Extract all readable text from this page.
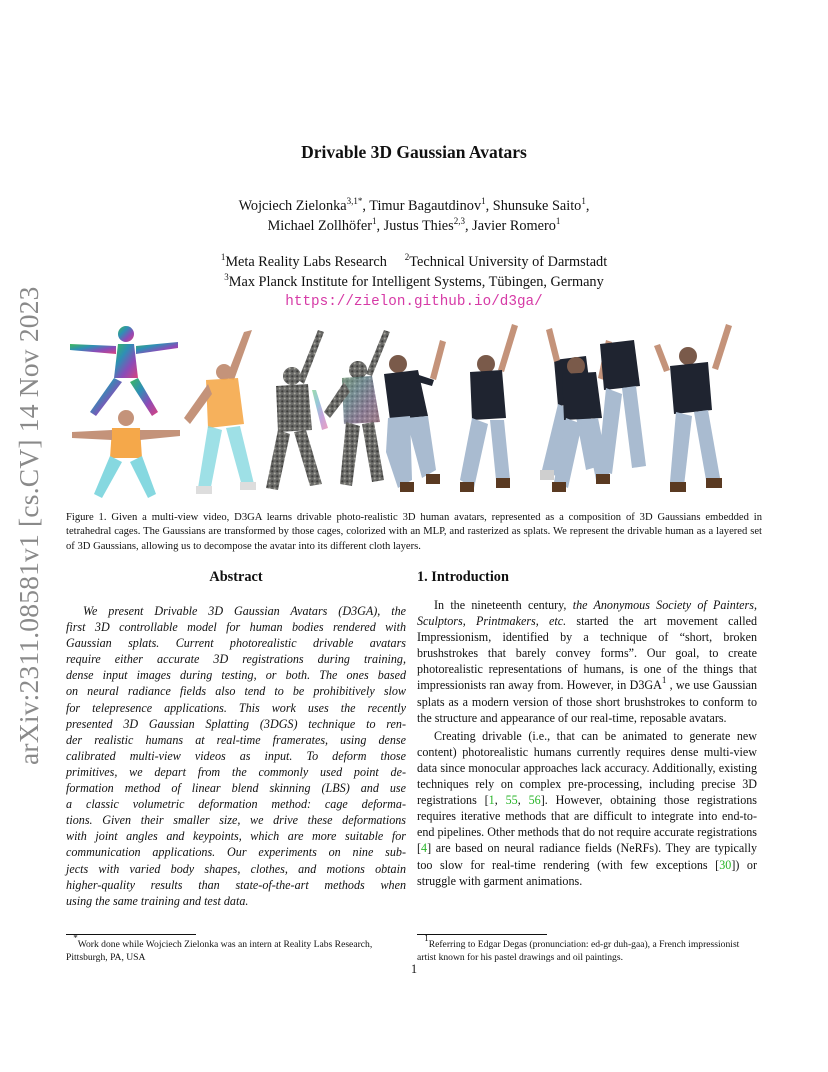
arXiv:2311.08581v1 [cs.CV] 14 Nov 2023
Drivable 3D Gaussian Avatars
Wojciech Zielonka$^{3,1*}$, Timur Bagautdinov$^1$, Shunsuke Saito$^1$,
Michael Zollhöfer$^1$, Justus Thies$^{2,3}$, Javier Romero$^1$
$^1$Meta Reality Labs Research $^2$Technical University of Darmstadt
$^3$Max Planck Institute for Intelligent Systems, Tübingen, Germany
https://zielon.github.io/d3ga/
Figure 1. Given a multi-view video, D3GA learns drivable photo-realistic 3D human avatars, represented as a composition of 3D Gaussians embedded in tetrahedral cages. The Gaussians are transformed by those cages, colorized with an MLP, and rasterized as splats. We represent the drivable human as a layered set of 3D Gaussians, allowing us to decompose the avatar into its different cloth layers.
Abstract
We present Drivable 3D Gaussian Avatars (D3GA), the
first 3D controllable model for human bodies rendered with
Gaussian splats. Current photorealistic drivable avatars
require either accurate 3D registrations during training,
dense input images during testing, or both. The ones based
on neural radiance fields also tend to be prohibitively slow
for telepresence applications. This work uses the recently
presented 3D Gaussian Splatting (3DGS) technique to ren-
der realistic humans at real-time framerates, using dense
calibrated multi-view videos as input. To deform those
primitives, we depart from the commonly used point de-
formation method of linear blend skinning (LBS) and use
a classic volumetric deformation method: cage deforma-
tions. Given their smaller size, we drive these deformations
with joint angles and keypoints, which are more suitable for
communication applications. Our experiments on nine sub-
jects with varied body shapes, clothes, and motions obtain
higher-quality results than state-of-the-art methods when
using the same training and test data.
1. Introduction

In the nineteenth century, the Anonymous Society of Painters, Sculptors, Printmakers, etc. started the art movement called Impressionism, identified by a technique of “short, broken brushstrokes that barely convey forms”. Our goal, to create photorealistic representations of humans, is one of the things that impressionists ran away from. However, in $D3GA^1$ , we use Gaussian splats as a modern version of those short brushstrokes to conform to the structure and appearance of our real-time, reposable avatars.

Creating drivable (i.e., that can be animated to generate new content) photorealistic humans currently requires dense multi-view data since monocular approaches lack accuracy. Additionally, existing techniques rely on complex pre-processing, including precise 3D registrations [1, 55, 56]. However, obtaining those registrations requires iterative methods that are difficult to integrate into end-to-end pipelines. Other methods that do not require accurate registrations [4] are based on neural radiance fields (NeRFs). They are typically too slow for real-time rendering (with few exceptions [30]) or struggle with garment animations.

*Work done while Wojciech Zielonka was an intern at Reality Labs Research, Pittsburgh, PA, USA
$^1$Referring to Edgar Degas (pronunciation: ed-gr duh-gaa), a French impressionist artist known for his pastel drawings and oil paintings.
1
